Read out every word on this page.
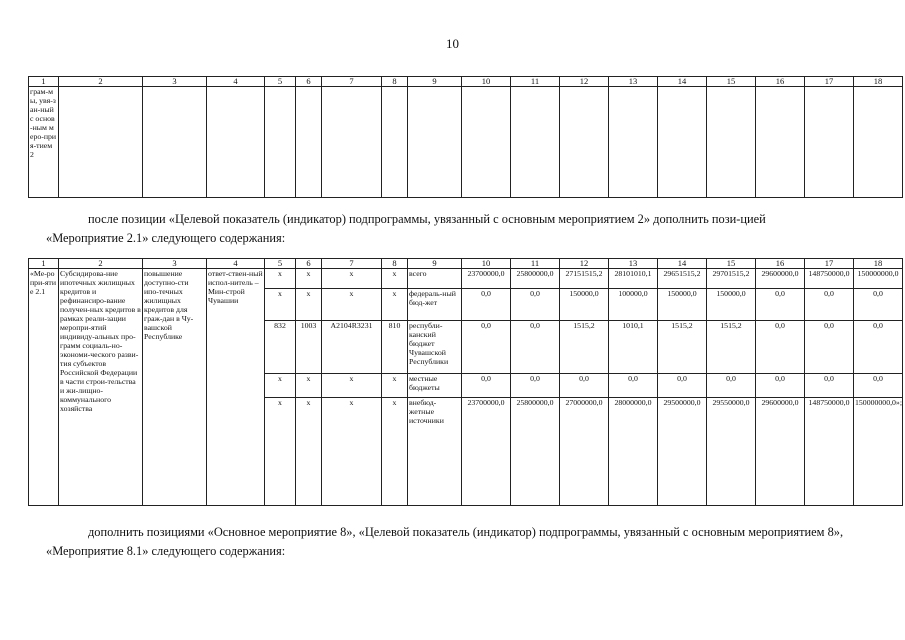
10
1	2	3	4	5	6	7	8	9	10	11	12	13	14	15	16	17	18
грам-мы, увя-зан-ный с основ-ным меро-прия-тием 2																	
после позиции «Целевой показатель (индикатор) подпрограммы, увязанный с основным мероприятием 2» дополнить пози-цией «Мероприятие 2.1» следующего содержания:
1	2	3	4	5	6	7	8	9	10	11	12	13	14	15	16	17	18
«Ме-ропри-ятие 2.1	Субсидирова-ние ипотечных жилищных кредитов и рефинансиро-вание получен-ных кредитов в рамках реали-зации меропри-ятий индивиду-альных про-грамм социаль-но-экономи-ческого разви-тия субъектов Российской Федерации в части строи-тельства и жи-лищно-коммунального хозяйства	повышение доступно-сти ипо-течных жилищных кредитов для граж-дан в Чу-вашской Республике	ответ-ствен-ный испол-нитель – Мин-строй Чувашии	x	x	x	x	всего	23700000,0	25800000,0	27151515,2	28101010,1	29651515,2	29701515,2	29600000,0	148750000,0	150000000,0
				x	x	x	x	федераль-ный бюд-жет	0,0	0,0	150000,0	100000,0	150000,0	150000,0	0,0	0,0	0,0
				832	1003	A2104R3231	810	республи-канский бюджет Чувашской Республики	0,0	0,0	1515,2	1010,1	1515,2	1515,2	0,0	0,0	0,0
				x	x	x	x	местные бюджеты	0,0	0,0	0,0	0,0	0,0	0,0	0,0	0,0	0,0
				x	x	x	x	внебюд-жетные источники	23700000,0	25800000,0	27000000,0	28000000,0	29500000,0	29550000,0	29600000,0	148750000,0	150000000,0»;
дополнить позициями «Основное мероприятие 8», «Целевой показатель (индикатор) подпрограммы, увязанный с основным мероприятием 8», «Мероприятие 8.1» следующего содержания:
